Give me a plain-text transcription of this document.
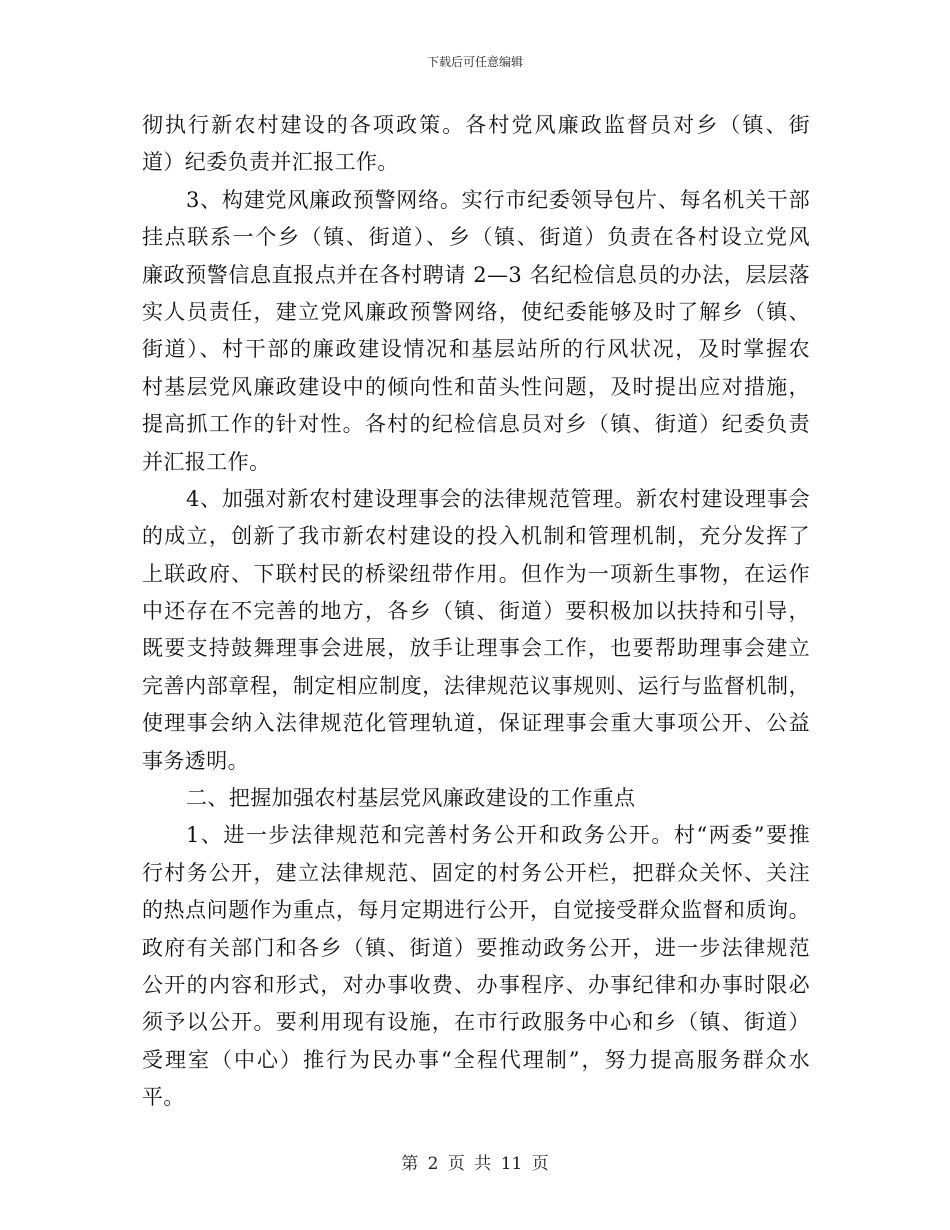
下载后可任意编辑
彻执行新农村建设的各项政策。各村党风廉政监督员对乡（镇、街
道）纪委负责并汇报工作。
3、构建党风廉政预警网络。实行市纪委领导包片、每名机关干部
挂点联系一个乡（镇、街道）、乡（镇、街道）负责在各村设立党风
廉政预警信息直报点并在各村聘请 2—3 名纪检信息员的办法，层层落
实人员责任，建立党风廉政预警网络，使纪委能够及时了解乡（镇、
街道）、村干部的廉政建设情况和基层站所的行风状况，及时掌握农
村基层党风廉政建设中的倾向性和苗头性问题，及时提出应对措施，
提高抓工作的针对性。各村的纪检信息员对乡（镇、街道）纪委负责
并汇报工作。
4、加强对新农村建设理事会的法律规范管理。新农村建设理事会
的成立，创新了我市新农村建设的投入机制和管理机制，充分发挥了
上联政府、下联村民的桥梁纽带作用。但作为一项新生事物，在运作
中还存在不完善的地方，各乡（镇、街道）要积极加以扶持和引导，
既要支持鼓舞理事会进展，放手让理事会工作，也要帮助理事会建立
完善内部章程，制定相应制度，法律规范议事规则、运行与监督机制，
使理事会纳入法律规范化管理轨道，保证理事会重大事项公开、公益
事务透明。
二、把握加强农村基层党风廉政建设的工作重点
1、进一步法律规范和完善村务公开和政务公开。村“两委”要推
行村务公开，建立法律规范、固定的村务公开栏，把群众关怀、关注
的热点问题作为重点，每月定期进行公开，自觉接受群众监督和质询。
政府有关部门和各乡（镇、街道）要推动政务公开，进一步法律规范
公开的内容和形式，对办事收费、办事程序、办事纪律和办事时限必
须予以公开。要利用现有设施，在市行政服务中心和乡（镇、街道）
受理室（中心）推行为民办事“全程代理制”，努力提高服务群众水
平。
第 2 页 共 11 页
